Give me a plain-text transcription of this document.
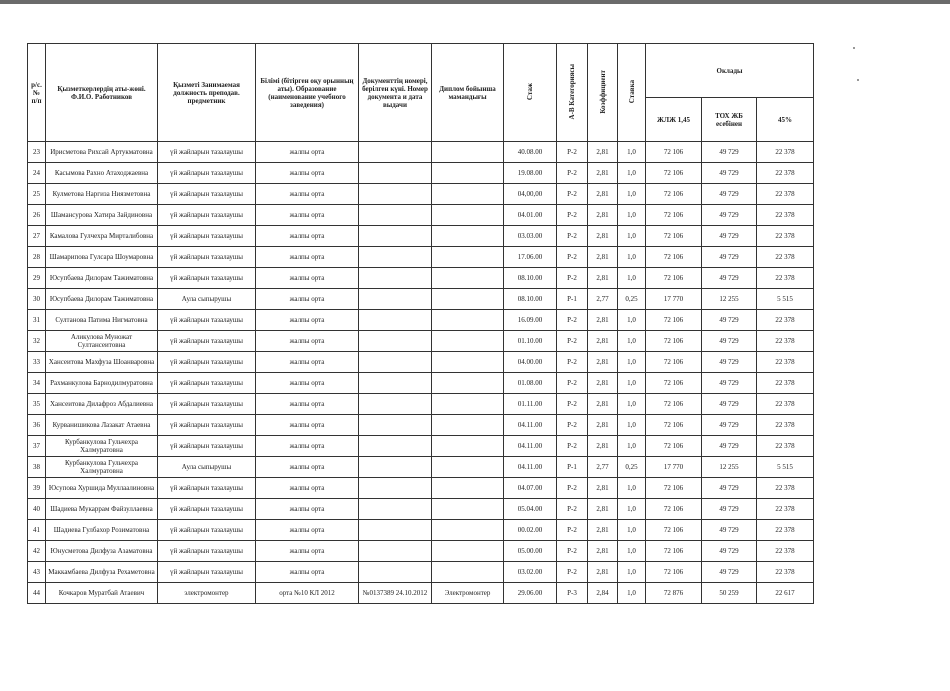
р/с.№ п/п	Қызметкерлердің аты-жөні. Ф.И.О. Работников	Қызметі Занимаемая должность преподав. предметник	Білімі (бітірген оқу орынның аты). Образование (наименование учебного заведения)	Документтің номері, берілген күні. Номер документа и дата выдачи	Диплом бойынша мамандығы	Стаж	А-В Категориясы	Коэффициент	Ставка	Оклады		
										ЖЛЖ 1,45	ТОХ ЖБ есебінен	45%
23	Ирисметова Рихсай Артукматовна	үй жайларын тазалаушы	жалпы орта			40.08.00	Р-2	2,81	1,0	72 106	49 729	22 378
24	Касымова Рахно Атаходжаевна	үй жайларын тазалаушы	жалпы орта			19.08.00	Р-2	2,81	1,0	72 106	49 729	22 378
25	Кулметова Наргиза Ниязметовна	үй жайларын тазалаушы	жалпы орта			04,00,00	Р-2	2,81	1,0	72 106	49 729	22 378
26	Шамансурова Хатира Зайдиновна	үй жайларын тазалаушы	жалпы орта			04.01.00	Р-2	2,81	1,0	72 106	49 729	22 378
27	Камалова Гулчехра Мирталибовна	үй жайларын тазалаушы	жалпы орта			03.03.00	Р-2	2,81	1,0	72 106	49 729	22 378
28	Шамарипова Гулсара Шоумаровна	үй жайларын тазалаушы	жалпы орта			17.06.00	Р-2	2,81	1,0	72 106	49 729	22 378
29	Юсупбаева Дилорам Тажиматовна	үй жайларын тазалаушы	жалпы орта			08.10.00	Р-2	2,81	1,0	72 106	49 729	22 378
30	Юсупбаева Дилорам Тажиматовна	Аула сыпырушы	жалпы орта			08.10.00	Р-1	2,77	0,25	17 770	12 255	5 515
31	Султанова Патима Нигматовна	үй жайларын тазалаушы	жалпы орта			16.09.00	Р-2	2,81	1,0	72 106	49 729	22 378
32	Аликулова Муножат Султансеитовна	үй жайларын тазалаушы	жалпы орта			01.10.00	Р-2	2,81	1,0	72 106	49 729	22 378
33	Хансеитова Махфуза Шоанваровна	үй жайларын тазалаушы	жалпы орта			04.00.00	Р-2	2,81	1,0	72 106	49 729	22 378
34	Рахманкулова Барнодилмуратовна	үй жайларын тазалаушы	жалпы орта			01.08.00	Р-2	2,81	1,0	72 106	49 729	22 378
35	Хансеитова Дилафроз Абдалиевна	үй жайларын тазалаушы	жалпы орта			01.11.00	Р-2	2,81	1,0	72 106	49 729	22 378
36	Курванишикова Лазакат Атаевна	үй жайларын тазалаушы	жалпы орта			04.11.00	Р-2	2,81	1,0	72 106	49 729	22 378
37	Курбанкулова Гульчехра Халмуратовна	үй жайларын тазалаушы	жалпы орта			04.11.00	Р-2	2,81	1,0	72 106	49 729	22 378
38	Курбанкулова Гульчехра Халмуратовна	Аула сыпырушы	жалпы орта			04.11.00	Р-1	2,77	0,25	17 770	12 255	5 515
39	Юсупова Хуршида Муллаалиновна	үй жайларын тазалаушы	жалпы орта			04.07.00	Р-2	2,81	1,0	72 106	49 729	22 378
40	Шадиева Мукаррам Файзуллаевна	үй жайларын тазалаушы	жалпы орта			05.04.00	Р-2	2,81	1,0	72 106	49 729	22 378
41	Шадиева Гулбахор Розиматовна	үй жайларын тазалаушы	жалпы орта			00.02.00	Р-2	2,81	1,0	72 106	49 729	22 378
42	Юнусметова Дилфуза Азаматовна	үй жайларын тазалаушы	жалпы орта			05.00.00	Р-2	2,81	1,0	72 106	49 729	22 378
43	Маккамбаева Дилфуза Рехаметовна	үй жайларын тазалаушы	жалпы орта			03.02.00	Р-2	2,81	1,0	72 106	49 729	22 378
44	Кочкаров Муратбай Атаевич	электромонтер	орта №10 КЛ 2012	№0137389 24.10.2012	Электромонтер	29.06.00	Р-3	2,84	1,0	72 876	50 259	22 617
